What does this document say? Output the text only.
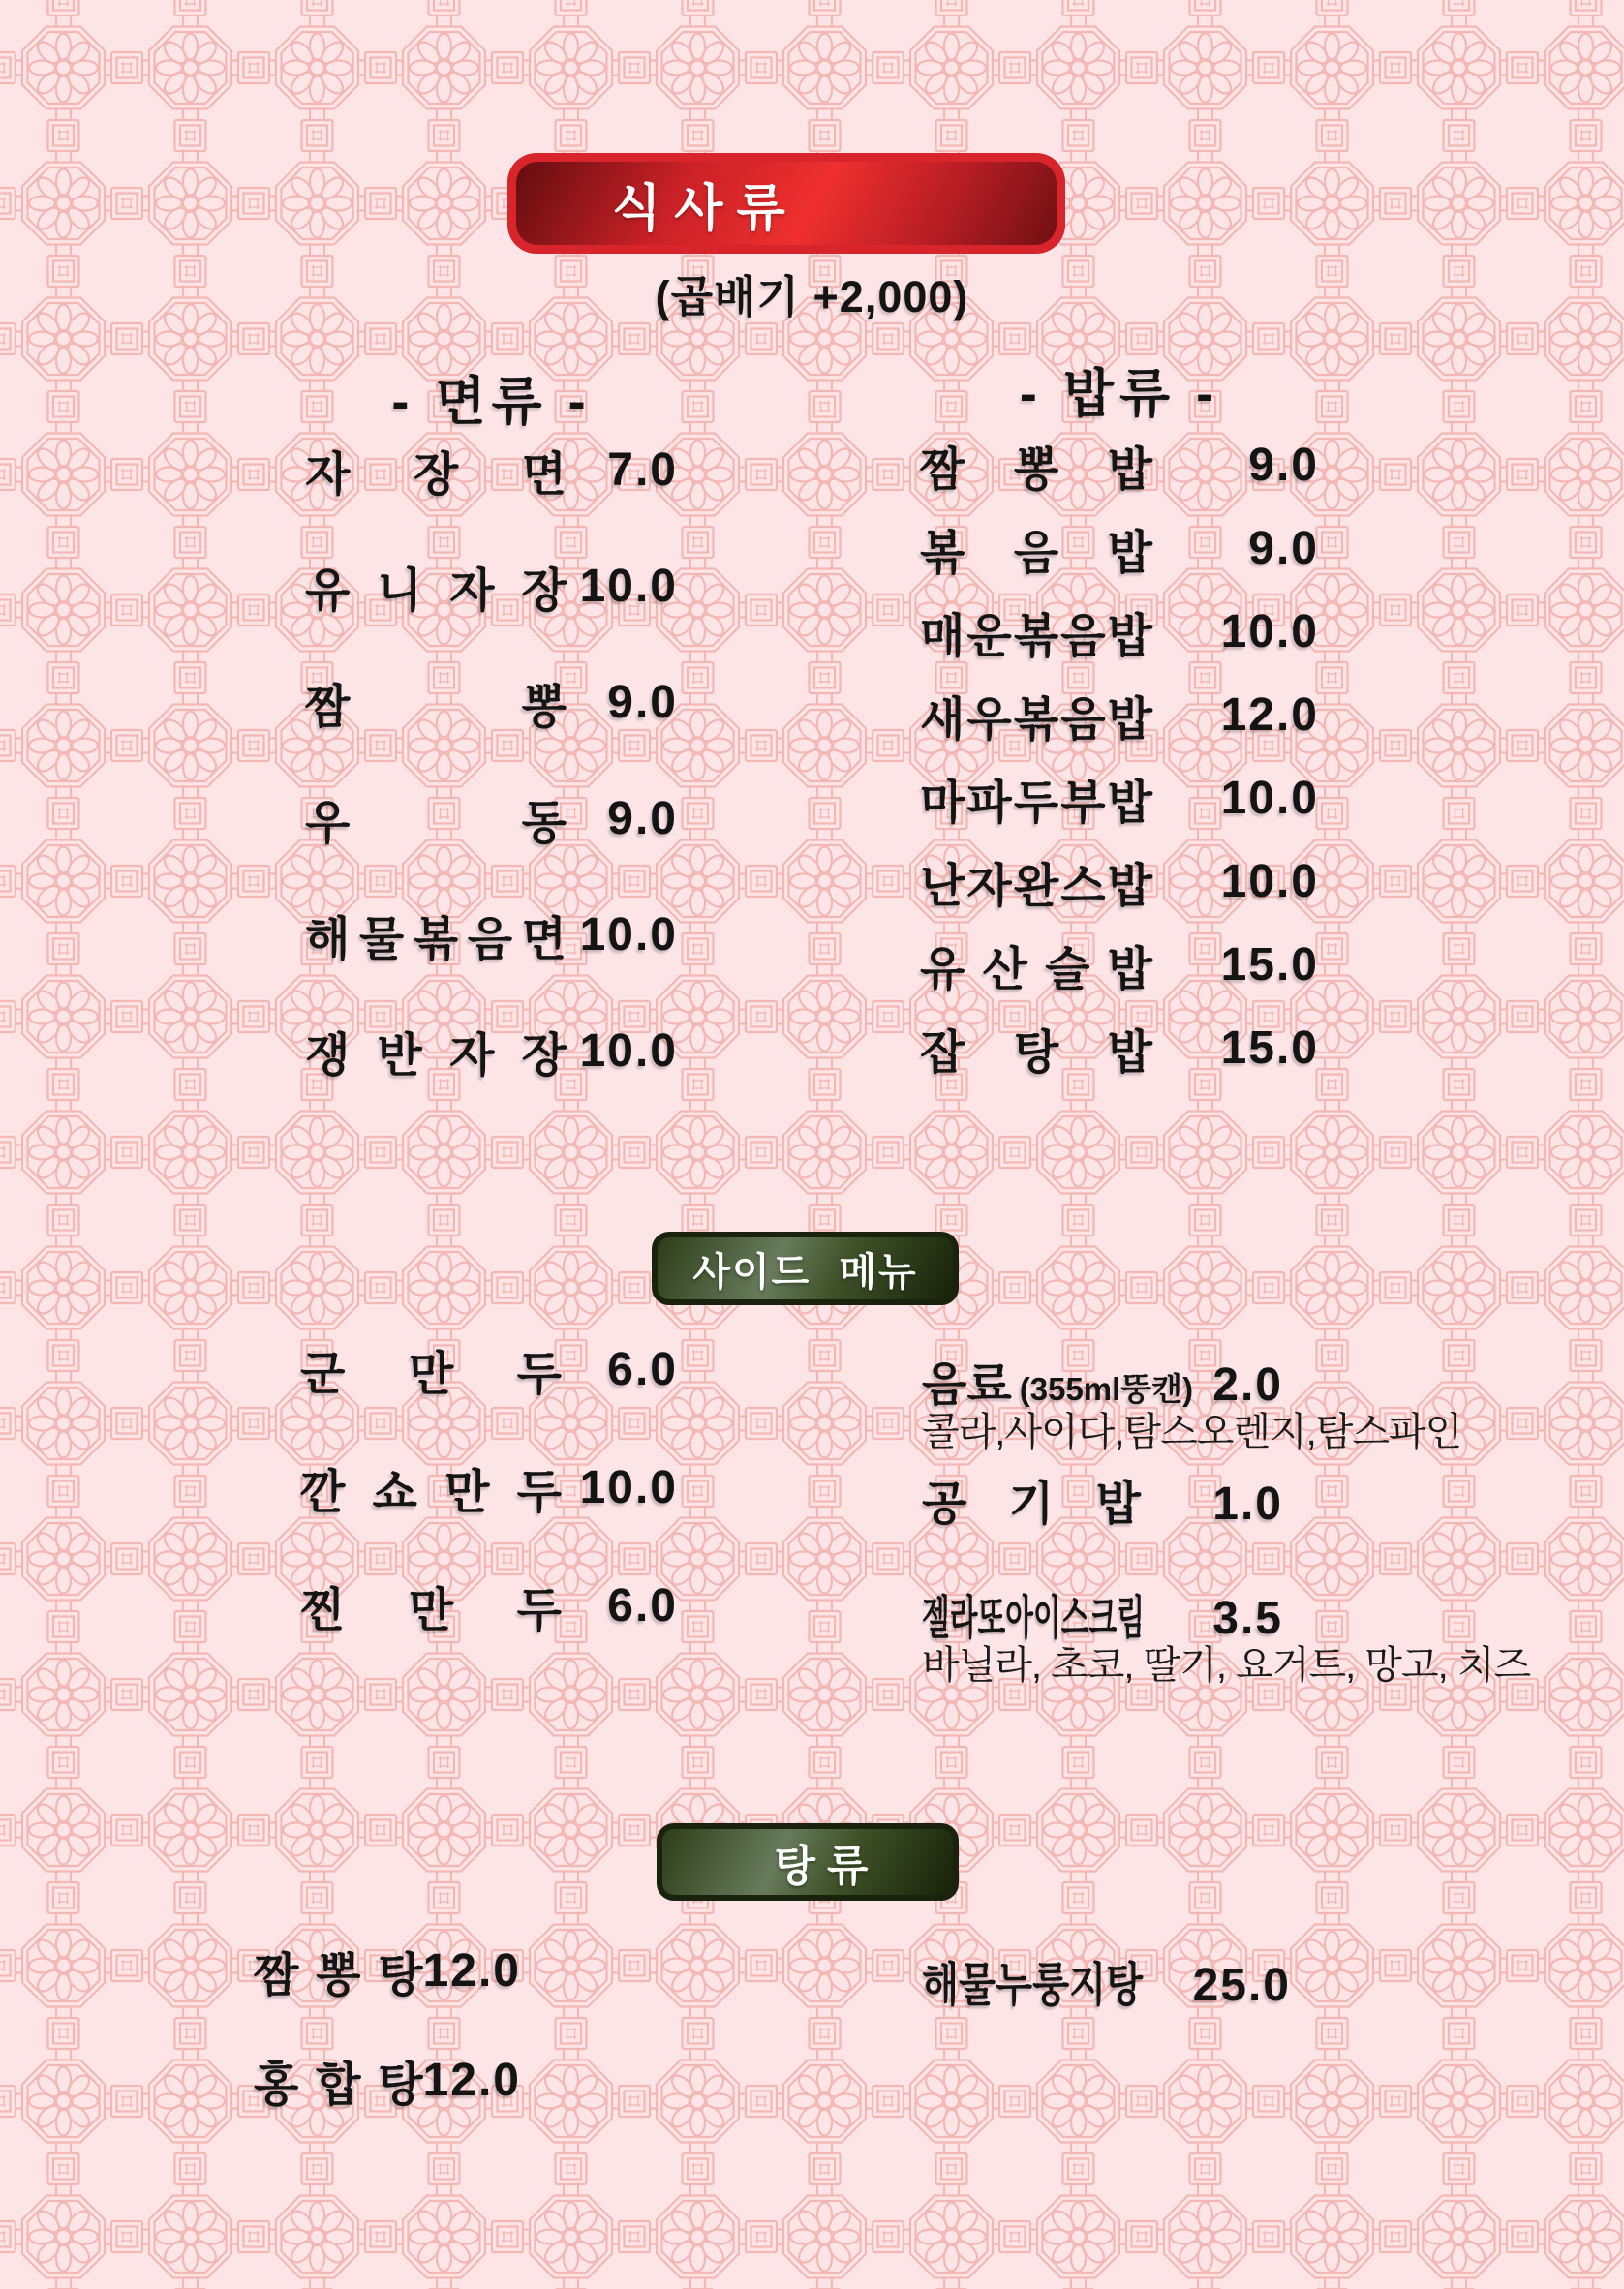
식사류
(곱배기 +2,000)
- 면류 -	- 밥류 -
자 장 면 7.0
유 니 자 장 10.0
짬	뽕 9.0
우	동 9.0
해 물 볶 음 면 10.0
쟁 반 자 장 10.0
짬 뽕 밥 9.0
볶 음 밥 9.0
매 운 볶 음 밥 10.0
새 우 볶 음 밥 12.0
마 파 두 부 밥 10.0
난 자 완 스 밥 10.0
유 산 슬 밥 15.0
잡 탕 밥 15.0
사이드 메뉴
군 만 두 6.0
깐 쇼 만 두 10.0
찐 만 두 6.0
음료 (355ml뚱캔) 2.0
콜라,사이다,탐스오렌지,탐스파인
공 기 밥 1.0
젤라또아이스크림 3.5
바닐라, 초코, 딸기, 요거트, 망고, 치즈
탕류
짬 뽕 탕 12.0
홍 합 탕 12.0
해물누룽지탕	25.0
